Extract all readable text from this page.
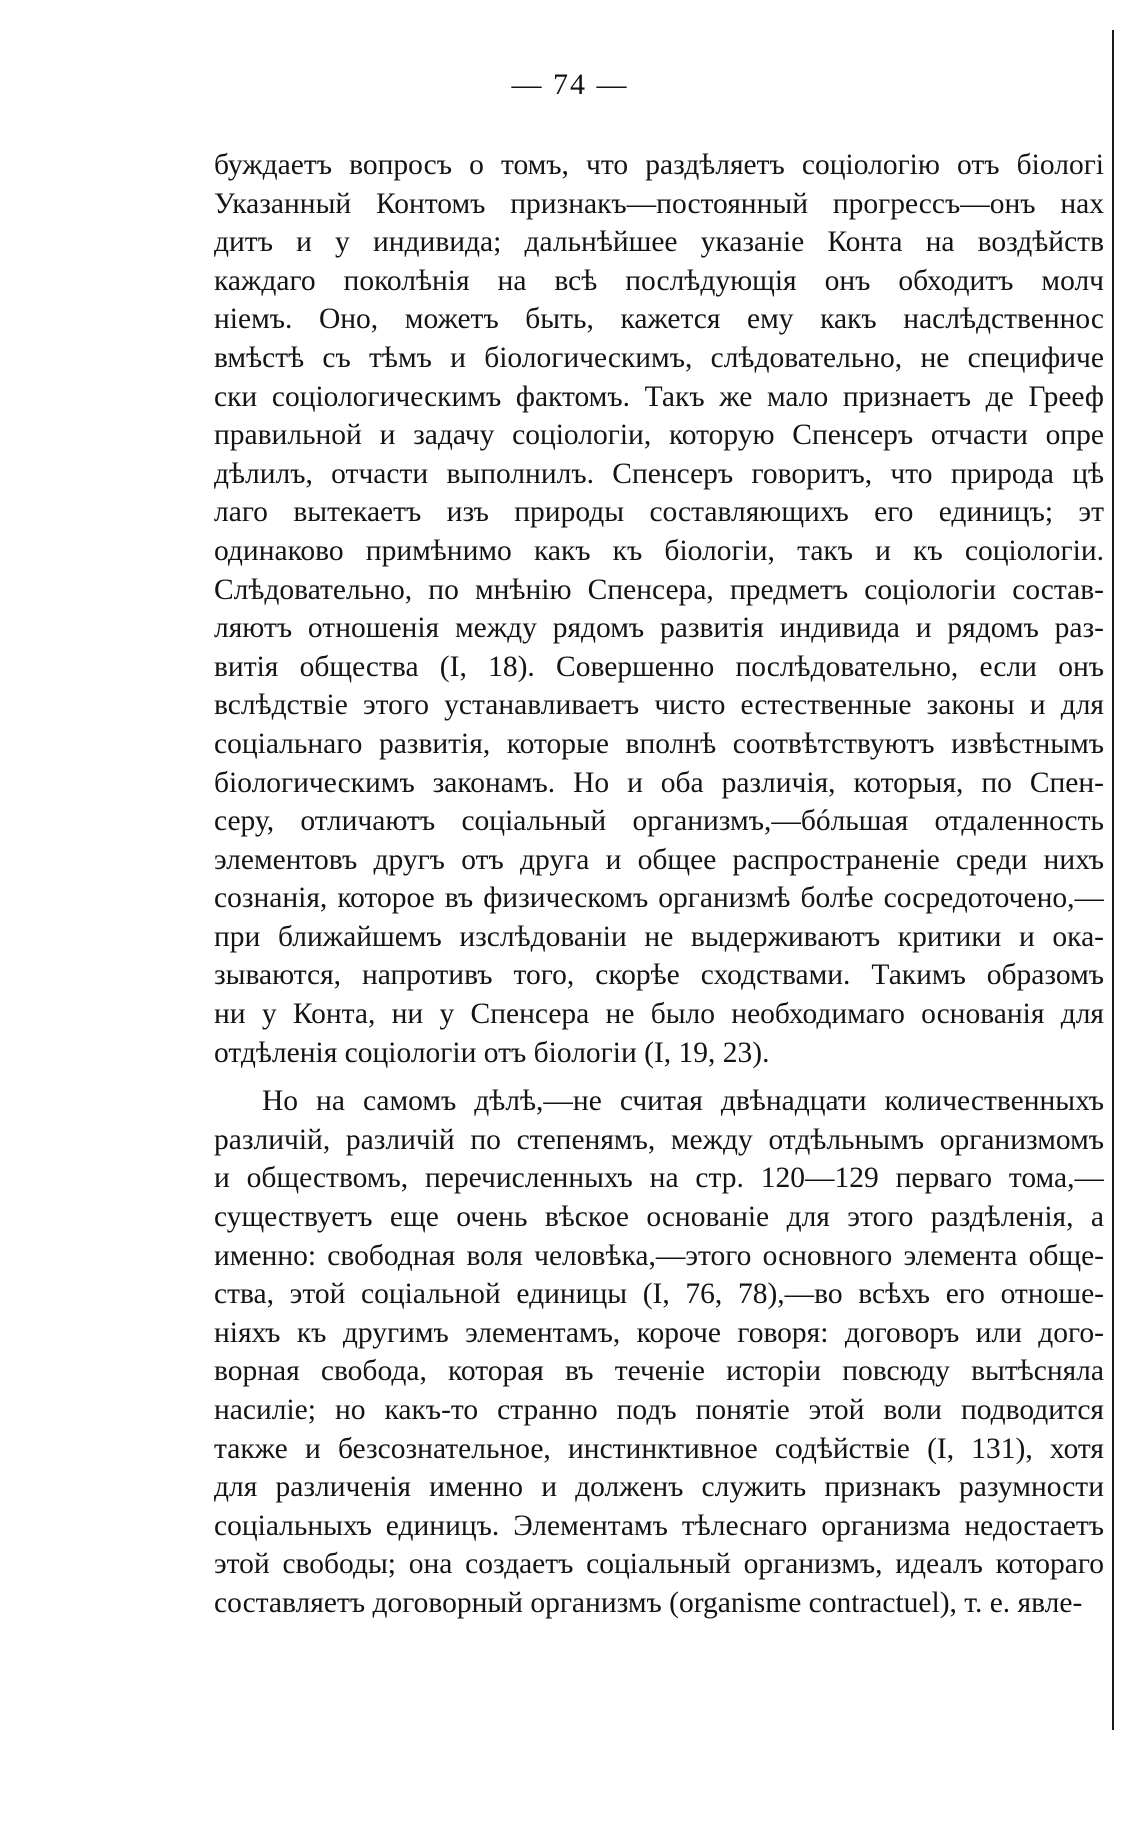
— 74 —
буждаетъ вопросъ о томъ, что раздѣляетъ соціологію отъ біологі
Указанный Контомъ признакъ—постоянный прогрессъ—онъ нах
дитъ и у индивида; дальнѣйшее указаніе Конта на воздѣйств
каждаго поколѣнія на всѣ послѣдующія онъ обходитъ молч
ніемъ. Оно, можетъ быть, кажется ему какъ наслѣдственнос
вмѣстѣ съ тѣмъ и біологическимъ, слѣдовательно, не специфиче
ски соціологическимъ фактомъ. Такъ же мало признаетъ де Грееф
правильной и задачу соціологіи, которую Спенсеръ отчасти опре
дѣлилъ, отчасти выполнилъ. Спенсеръ говоритъ, что природа цѣ
лаго вытекаетъ изъ природы составляющихъ его единицъ; эт
одинаково примѣнимо какъ къ біологіи, такъ и къ соціологіи.
Слѣдовательно, по мнѣнію Спенсера, предметъ соціологіи состав-
ляютъ отношенія между рядомъ развитія индивида и рядомъ раз-
витія общества (I, 18). Совершенно послѣдовательно, если онъ
вслѣдствіе этого устанавливаетъ чисто естественные законы и для
соціальнаго развитія, которые вполнѣ соотвѣтствуютъ извѣстнымъ
біологическимъ законамъ. Но и оба различія, которыя, по Спен-
серу, отличаютъ соціальный организмъ,—бóльшая отдаленность
элементовъ другъ отъ друга и общее распространеніе среди нихъ
сознанія, которое въ физическомъ организмѣ болѣе сосредоточено,—
при ближайшемъ изслѣдованіи не выдерживаютъ критики и ока-
зываются, напротивъ того, скорѣе сходствами. Такимъ образомъ
ни у Конта, ни у Спенсера не было необходимаго основанія для
отдѣленія соціологіи отъ біологіи (I, 19, 23).
Но на самомъ дѣлѣ,—не считая двѣнадцати количественныхъ
различій, различій по степенямъ, между отдѣльнымъ организмомъ
и обществомъ, перечисленныхъ на стр. 120—129 перваго тома,—
существуетъ еще очень вѣское основаніе для этого раздѣленія, а
именно: свободная воля человѣка,—этого основного элемента обще-
ства, этой соціальной единицы (I, 76, 78),—во всѣхъ его отноше-
ніяхъ къ другимъ элементамъ, короче говоря: договоръ или дого-
ворная свобода, которая въ теченіе исторіи повсюду вытѣсняла
насиліе; но какъ-то странно подъ понятіе этой воли подводится
также и безсознательное, инстинктивное содѣйствіе (I, 131), хотя
для различенія именно и долженъ служить признакъ разумности
соціальныхъ единицъ. Элементамъ тѣлеснаго организма недостаетъ
этой свободы; она создаетъ соціальный организмъ, идеалъ котораго
составляетъ договорный организмъ (organisme contractuel), т. е. явле-
